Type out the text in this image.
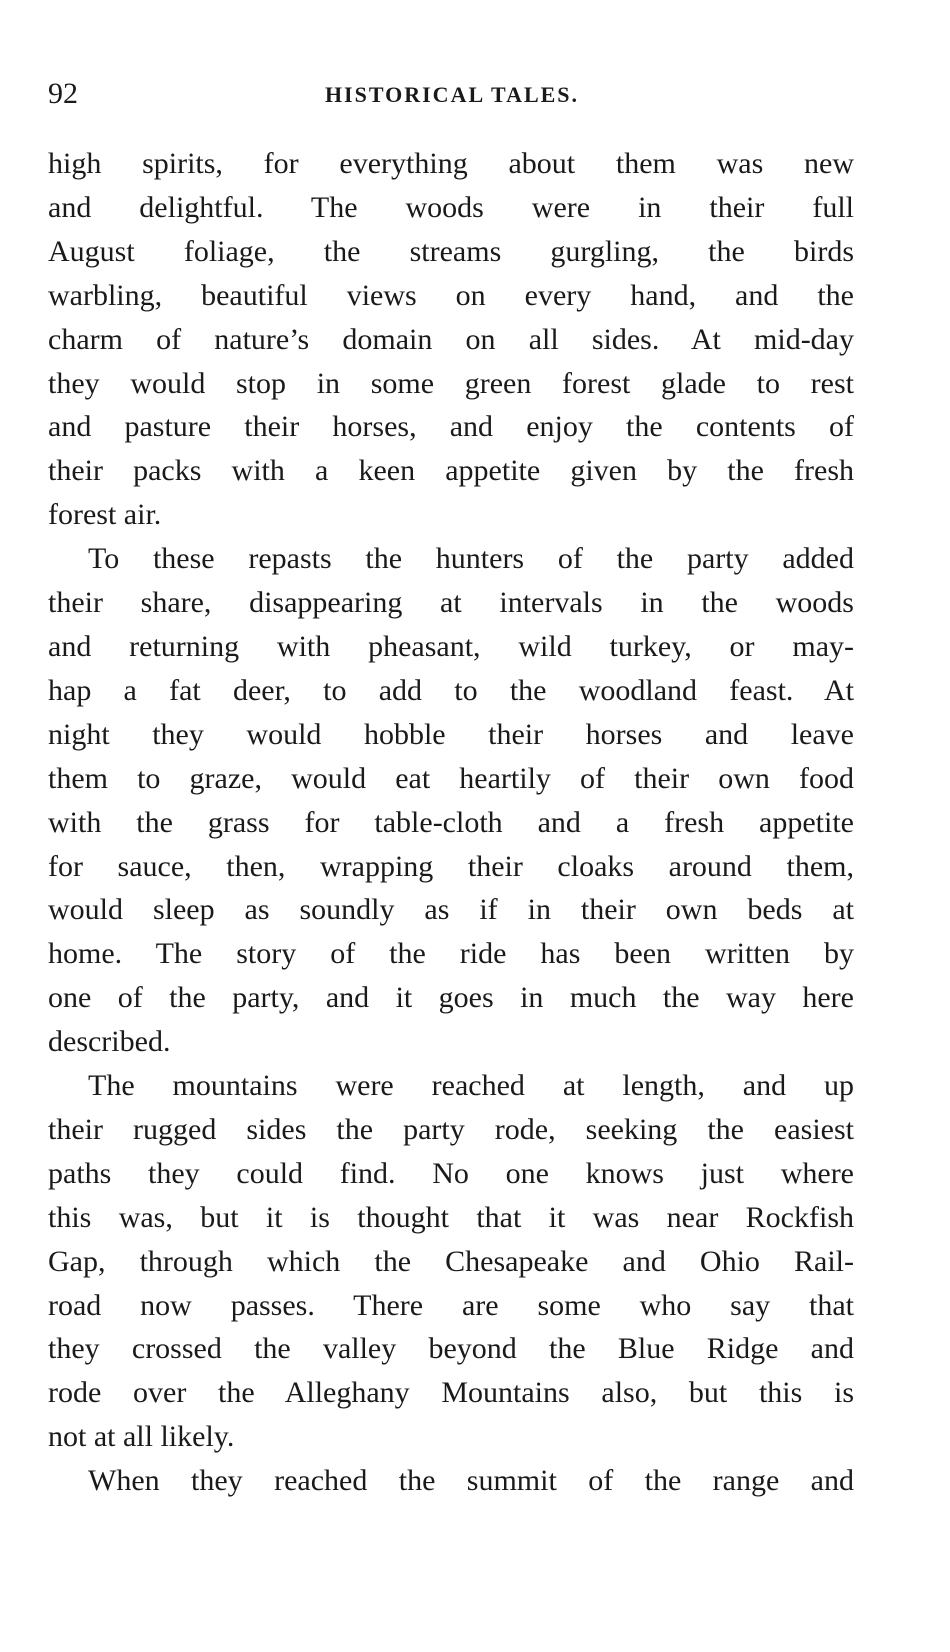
92	HISTORICAL TALES.
high spirits, for everything about them was new
and delightful. The woods were in their full
August foliage, the streams gurgling, the birds
warbling, beautiful views on every hand, and the
charm of nature’s domain on all sides. At mid-day
they would stop in some green forest glade to rest
and pasture their horses, and enjoy the contents of
their packs with a keen appetite given by the fresh
forest air.
To these repasts the hunters of the party added
their share, disappearing at intervals in the woods
and returning with pheasant, wild turkey, or may-
hap a fat deer, to add to the woodland feast. At
night they would hobble their horses and leave
them to graze, would eat heartily of their own food
with the grass for table-cloth and a fresh appetite
for sauce, then, wrapping their cloaks around them,
would sleep as soundly as if in their own beds at
home. The story of the ride has been written by
one of the party, and it goes in much the way here
described.
The mountains were reached at length, and up
their rugged sides the party rode, seeking the easiest
paths they could find. No one knows just where
this was, but it is thought that it was near Rockfish
Gap, through which the Chesapeake and Ohio Rail-
road now passes. There are some who say that
they crossed the valley beyond the Blue Ridge and
rode over the Alleghany Mountains also, but this is
not at all likely.
When they reached the summit of the range and
